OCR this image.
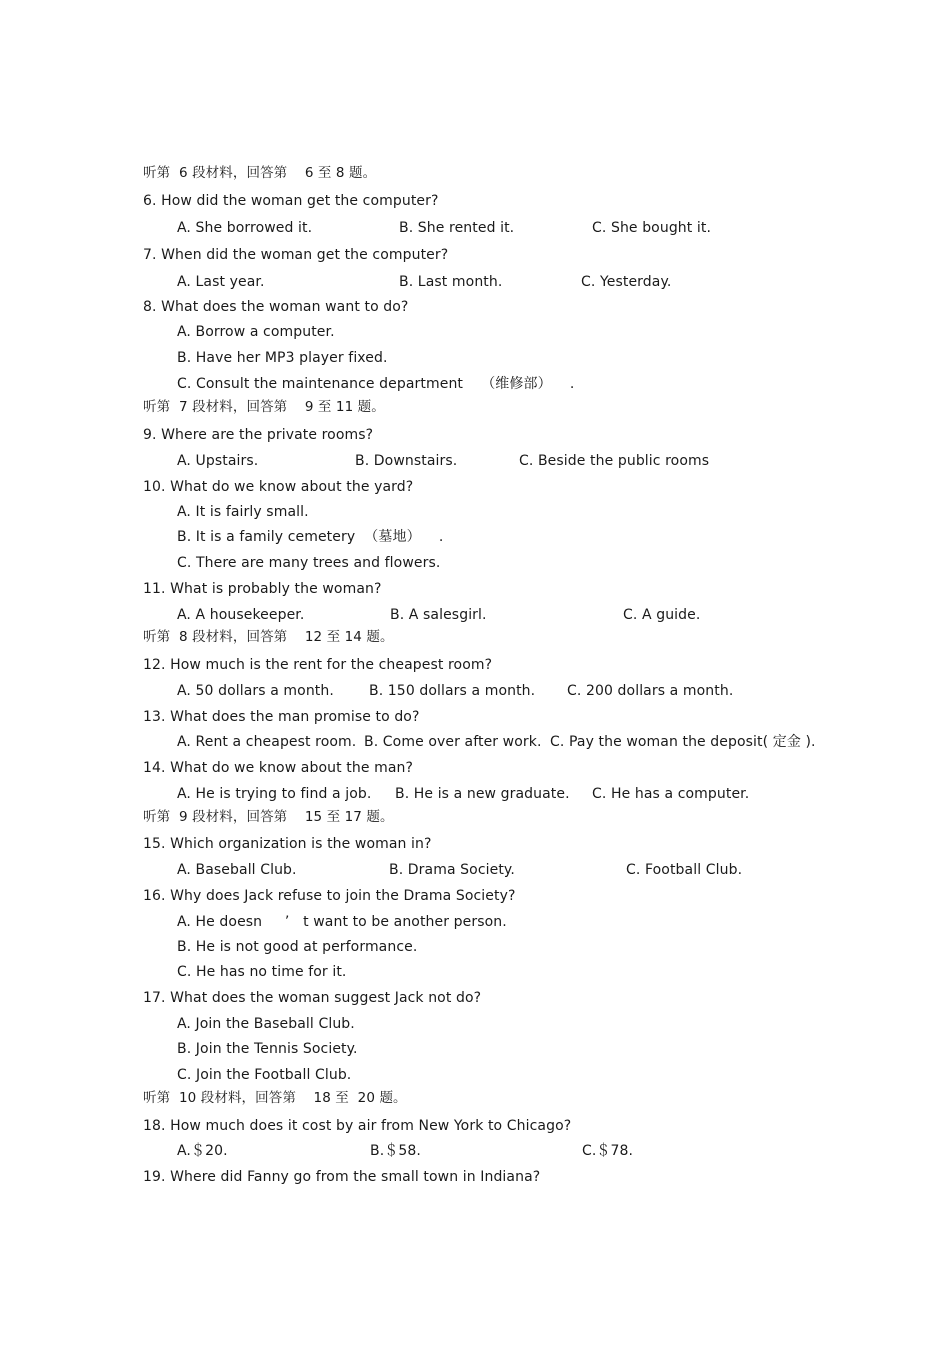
听第  6 段材料，回答第    6 至 8 题。
6. How did the woman get the computer?
A. She borrowed it.	B. She rented it.	C. She bought it.
7. When did the woman get the computer?
A. Last year.	B. Last month.	C. Yesterday.
8. What does the woman want to do?
A. Borrow a computer.
B. Have her MP3 player fixed.
C. Consult the maintenance department    （维修部）    .
听第  7 段材料，回答第    9 至 11 题。
9. Where are the private rooms?
A. Upstairs.	B. Downstairs.	C. Beside the public rooms
10. What do we know about the yard?
A. It is fairly small.
B. It is a family cemetery  （墓地）    .
C. There are many trees and flowers.
11. What is probably the woman?
A. A housekeeper.	B. A salesgirl.	C. A guide.
听第  8 段材料，回答第    12 至 14 题。
12. How much is the rent for the cheapest room?
A. 50 dollars a month.	B. 150 dollars a month. C. 200 dollars a month.
13. What does the man promise to do?
A. Rent a cheapest room. B. Come over after work. C. Pay the woman the deposit( 定金 ).
14. What do we know about the man?
A. He is trying to find a job. B. He is a new graduate. C. He has a computer.
听第  9 段材料，回答第    15 至 17 题。
15. Which organization is the woman in?
A. Baseball Club.	B. Drama Society.	C. Football Club.
16. Why does Jack refuse to join the Drama Society?
A. He doesn     ’   t want to be another person.
B. He is not good at performance.
C. He has no time for it.
17. What does the woman suggest Jack not do?
A. Join the Baseball Club.
B. Join the Tennis Society.
C. Join the Football Club.
听第  10 段材料，回答第    18 至  20 题。
18. How much does it cost by air from New York to Chicago?
A.＄20.	B.＄58.	C.＄78.
19. Where did Fanny go from the small town in Indiana?
